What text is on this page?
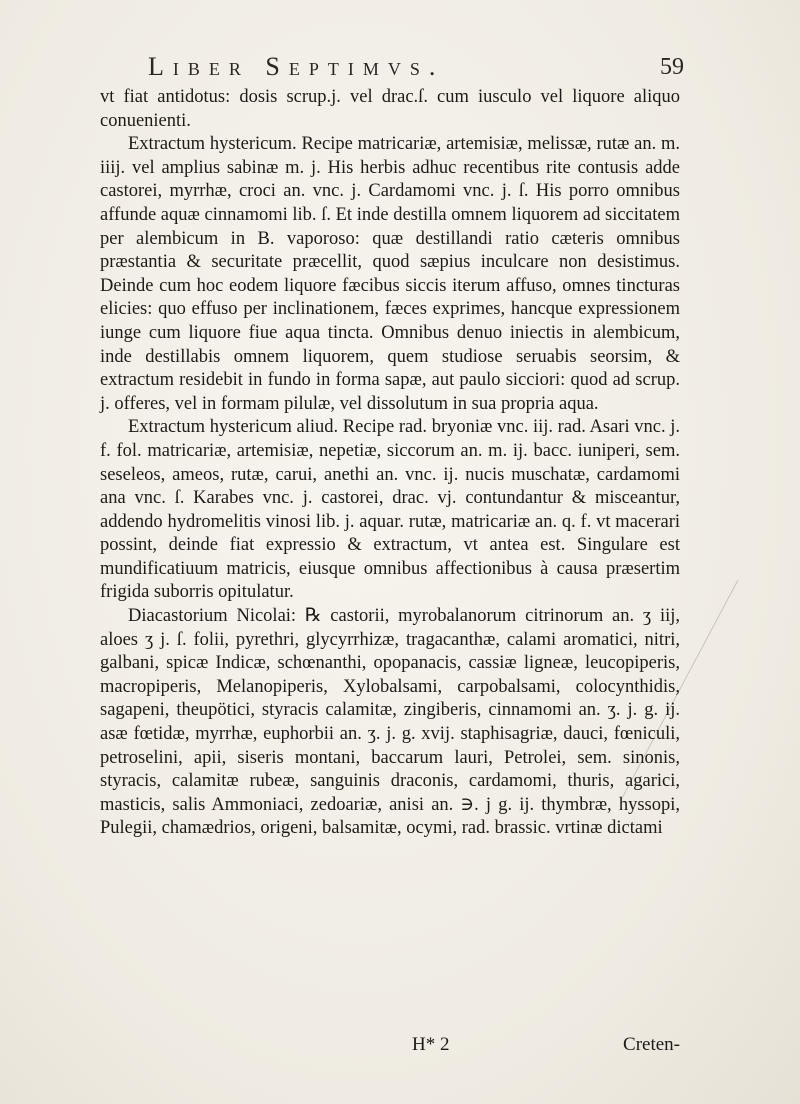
Liber Septimvs.	59

vt fiat antidotus: dosis scrup.j. vel drac.ſ. cum iusculo vel liquore aliquo conuenienti.

Extractum hystericum. Recipe matricariæ, artemisiæ, melissæ, rutæ an. m. iiij. vel amplius sabinæ m. j. His herbis adhuc recentibus rite contusis adde castorei, myrrhæ, croci an. vnc. j. Cardamomi vnc. j. ſ. His porro omnibus affunde aquæ cinnamomi lib. ſ. Et inde destilla omnem liquorem ad siccitatem per alembicum in B. vaporoso: quæ destillandi ratio cæteris omnibus præstantia & securitate præcellit, quod sæpius inculcare non desistimus. Deinde cum hoc eodem liquore fæcibus siccis iterum affuso, omnes tincturas elicies: quo effuso per inclinationem, fæces exprimes, hancque expressionem iunge cum liquore fiue aqua tincta. Omnibus denuo iniectis in alembicum, inde destillabis omnem liquorem, quem studiose seruabis seorsim, & extractum residebit in fundo in forma sapæ, aut paulo sicciori: quod ad scrup. j. offeres, vel in formam pilulæ, vel dissolutum in sua propria aqua.

Extractum hystericum aliud. Recipe rad. bryoniæ vnc. iij. rad. Asari vnc. j. f. fol. matricariæ, artemisiæ, nepetiæ, siccorum an. m. ij. bacc. iuniperi, sem. seseleos, ameos, rutæ, carui, anethi an. vnc. ij. nucis muschatæ, cardamomi ana vnc. ſ. Karabes vnc. j. castorei, drac. vj. contundantur & misceantur, addendo hydromelitis vinosi lib. j. aquar. rutæ, matricariæ an. q. f. vt macerari possint, deinde fiat expressio & extractum, vt antea est. Singulare est mundificatiuum matricis, eiusque omnibus affectionibus à causa præsertim frigida suborris opitulatur.

Diacastorium Nicolai: ℞ castorii, myrobalanorum citrinorum an. ʒ iij, aloes ʒ j. ſ. folii, pyrethri, glycyrrhizæ, tragacanthæ, calami aromatici, nitri, galbani, spicæ Indicæ, schœnanthi, opopanacis, cassiæ ligneæ, leucopiperis, macropiperis, Melanopiperis, Xylobalsami, carpobalsami, colocynthidis, sagapeni, theupötici, styracis calamitæ, zingiberis, cinnamomi an. ʒ. j. g. ij. asæ fœtidæ, myrrhæ, euphorbii an. ʒ. j. g. xvij. staphisagriæ, dauci, fœniculi, petroselini, apii, siseris montani, baccarum lauri, Petrolei, sem. sinonis, styracis, calamitæ rubeæ, sanguinis draconis, cardamomi, thuris, agarici, masticis, salis Ammoniaci, zedoariæ, anisi an. ∋. j g. ij. thymbræ, hyssopi, Pulegii, chamædrios, origeni, balsamitæ, ocymi, rad. brassic. vrtinæ dictami

H* 2	Creten-
